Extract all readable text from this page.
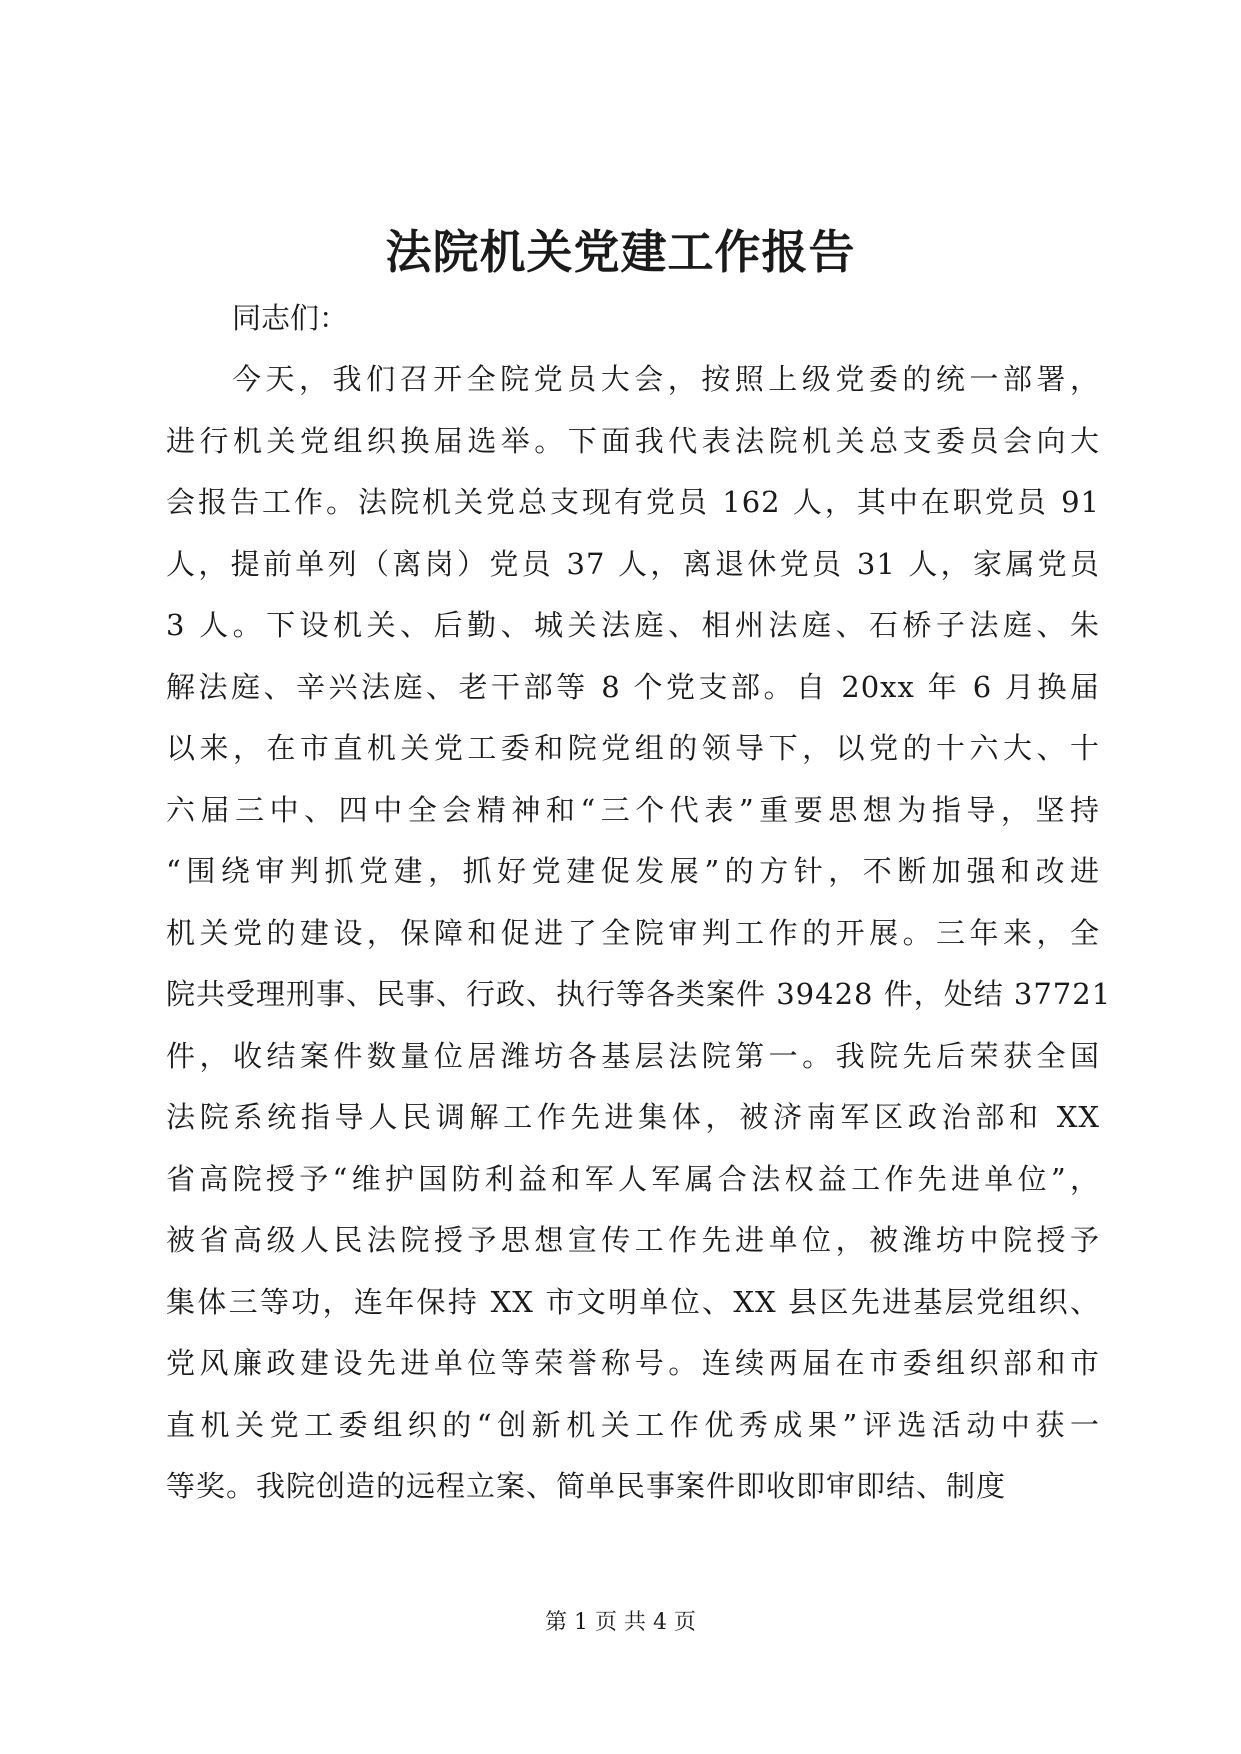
法院机关党建工作报告

同志们：

今天，我们召开全院党员大会，按照上级党委的统一部署，
进行机关党组织换届选举。下面我代表法院机关总支委员会向大
会报告工作。法院机关党总支现有党员 162 人，其中在职党员 91
人，提前单列（离岗）党员 37 人，离退休党员 31 人，家属党员
3 人。下设机关、后勤、城关法庭、相州法庭、石桥子法庭、朱
解法庭、辛兴法庭、老干部等 8 个党支部。自 20xx 年 6 月换届
以来，在市直机关党工委和院党组的领导下，以党的十六大、十
六届三中、四中全会精神和“三个代表”重要思想为指导，坚持
“围绕审判抓党建，抓好党建促发展”的方针，不断加强和改进
机关党的建设，保障和促进了全院审判工作的开展。三年来，全
院共受理刑事、民事、行政、执行等各类案件 39428 件，处结 37721
件，收结案件数量位居潍坊各基层法院第一。我院先后荣获全国
法院系统指导人民调解工作先进集体，被济南军区政治部和 XX
省高院授予“维护国防利益和军人军属合法权益工作先进单位”，
被省高级人民法院授予思想宣传工作先进单位，被潍坊中院授予
集体三等功，连年保持 XX 市文明单位、XX 县区先进基层党组织、
党风廉政建设先进单位等荣誉称号。连续两届在市委组织部和市
直机关党工委组织的“创新机关工作优秀成果”评选活动中获一
等奖。我院创造的远程立案、简单民事案件即收即审即结、制度
第 1 页 共 4 页
